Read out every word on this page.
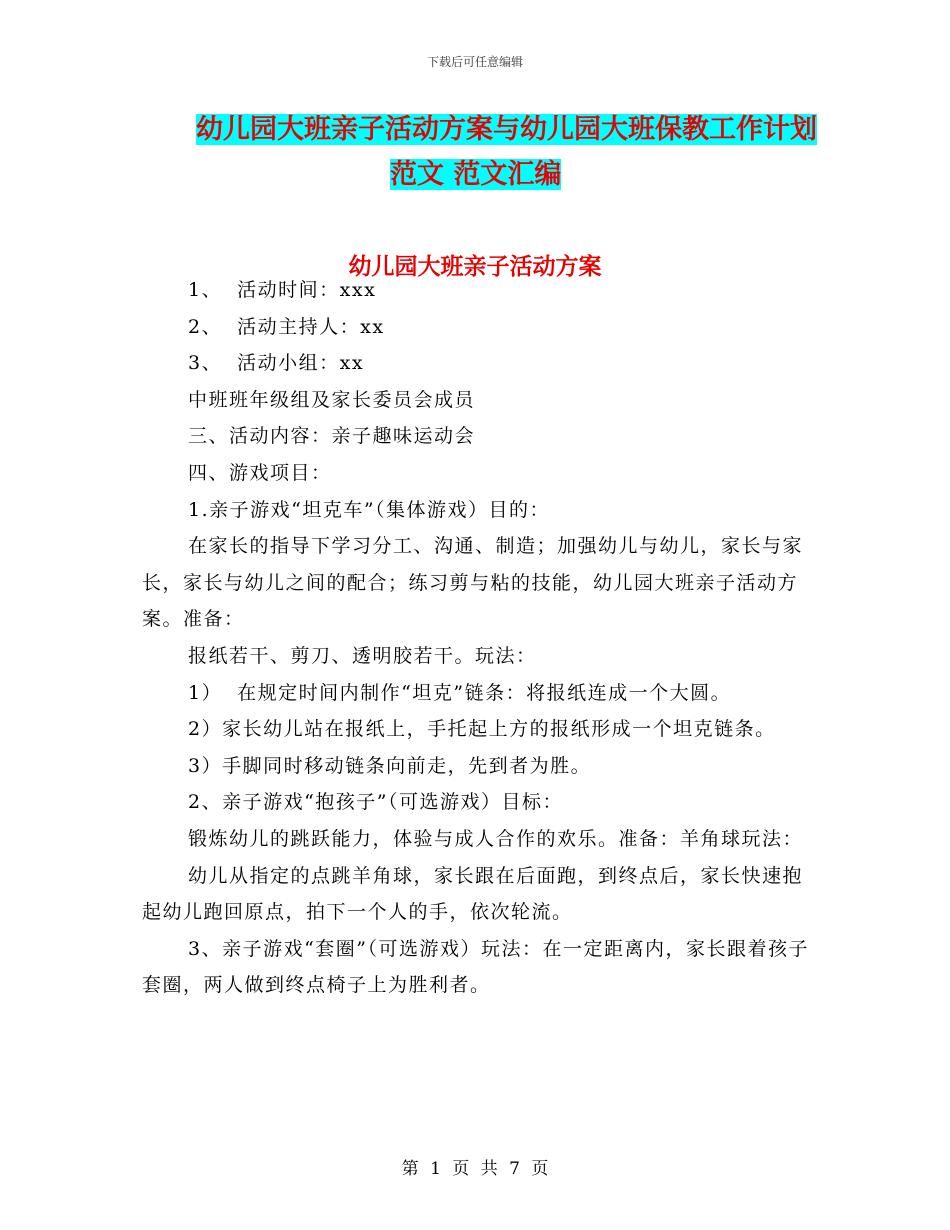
下载后可任意编辑
幼儿园大班亲子活动方案与幼儿园大班保教工作计划
范文 范文汇编
幼儿园大班亲子活动方案

1、  活动时间：xxx

2、  活动主持人：xx

3、  活动小组：xx

中班班年级组及家长委员会成员

三、活动内容：亲子趣味运动会

四、游戏项目：

1.亲子游戏“坦克车”（集体游戏）目的：

在家长的指导下学习分工、沟通、制造；加强幼儿与幼儿，家长与家长，家长与幼儿之间的配合；练习剪与粘的技能，幼儿园大班亲子活动方案。准备：

报纸若干、剪刀、透明胶若干。玩法：

1）  在规定时间内制作“坦克”链条：将报纸连成一个大圆。

2）家长幼儿站在报纸上，手托起上方的报纸形成一个坦克链条。

3）手脚同时移动链条向前走，先到者为胜。

2、亲子游戏“抱孩子”（可选游戏）目标：

锻炼幼儿的跳跃能力，体验与成人合作的欢乐。准备：羊角球玩法：

幼儿从指定的点跳羊角球，家长跟在后面跑，到终点后，家长快速抱起幼儿跑回原点，拍下一个人的手，依次轮流。

3、亲子游戏“套圈”（可选游戏）玩法：在一定距离内，家长跟着孩子套圈，两人做到终点椅子上为胜利者。

第 1 页 共 7 页
